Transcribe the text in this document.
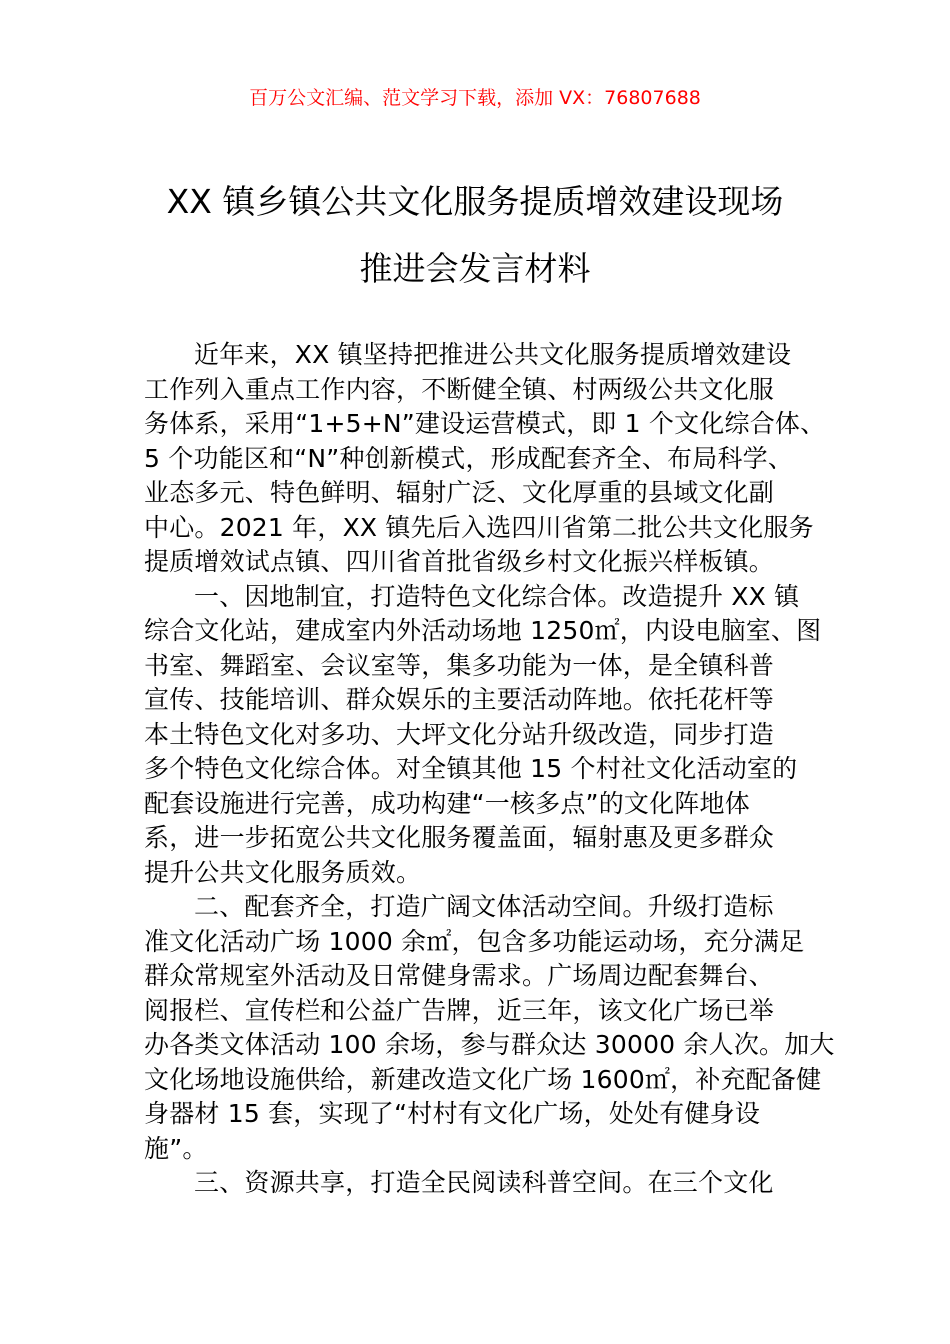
百万公文汇编、范文学习下载，添加 VX：76807688
XX 镇乡镇公共文化服务提质增效建设现场
推进会发言材料
近年来，XX 镇坚持把推进公共文化服务提质增效建设
工作列入重点工作内容，不断健全镇、村两级公共文化服
务体系，采用“1+5+N”建设运营模式，即 1 个文化综合体、
5 个功能区和“N”种创新模式，形成配套齐全、布局科学、
业态多元、特色鲜明、辐射广泛、文化厚重的县域文化副
中心。2021 年，XX 镇先后入选四川省第二批公共文化服务
提质增效试点镇、四川省首批省级乡村文化振兴样板镇。
一、因地制宜，打造特色文化综合体。改造提升 XX 镇
综合文化站，建成室内外活动场地 1250㎡，内设电脑室、图
书室、舞蹈室、会议室等，集多功能为一体，是全镇科普
宣传、技能培训、群众娱乐的主要活动阵地。依托花杆等
本土特色文化对多功、大坪文化分站升级改造，同步打造
多个特色文化综合体。对全镇其他 15 个村社文化活动室的
配套设施进行完善，成功构建“一核多点”的文化阵地体
系，进一步拓宽公共文化服务覆盖面，辐射惠及更多群众
提升公共文化服务质效。
二、配套齐全，打造广阔文体活动空间。升级打造标
准文化活动广场 1000 余㎡，包含多功能运动场，充分满足
群众常规室外活动及日常健身需求。广场周边配套舞台、
阅报栏、宣传栏和公益广告牌，近三年，该文化广场已举
办各类文体活动 100 余场，参与群众达 30000 余人次。加大
文化场地设施供给，新建改造文化广场 1600㎡，补充配备健
身器材 15 套，实现了“村村有文化广场，处处有健身设
施”。
三、资源共享，打造全民阅读科普空间。在三个文化
